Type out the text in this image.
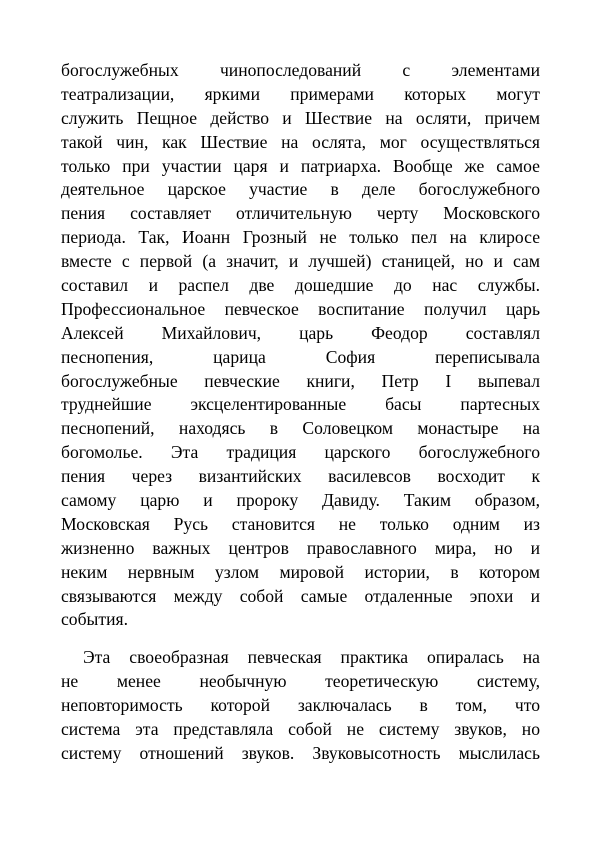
богослужебных чинопоследований с элементами
театрализации, яркими примерами которых могут
служить Пещное действо и Шествие на осляти, причем
такой чин, как Шествие на ослята, мог осуществляться
только при участии царя и патриарха. Вообще же самое
деятельное царское участие в деле богослужебного
пения составляет отличительную черту Московского
периода. Так, Иоанн Грозный не только пел на клиросе
вместе с первой (а значит, и лучшей) станицей, но и сам
составил и распел две дошедшие до нас службы.
Профессиональное певческое воспитание получил царь
Алексей Михайлович, царь Феодор составлял
песнопения, царица София переписывала
богослужебные певческие книги, Петр I выпевал
труднейшие эксцелентированные басы партесных
песнопений, находясь в Соловецком монастыре на
богомолье. Эта традиция царского богослужебного
пения через византийских василевсов восходит к
самому царю и пророку Давиду. Таким образом,
Московская Русь становится не только одним из
жизненно важных центров православного мира, но и
неким нервным узлом мировой истории, в котором
связываются между собой самые отдаленные эпохи и
события.
Эта своеобразная певческая практика опиралась на
не менее необычную теоретическую систему,
неповторимость которой заключалась в том, что
система эта представляла собой не систему звуков, но
систему отношений звуков. Звуковысотность мыслилась
